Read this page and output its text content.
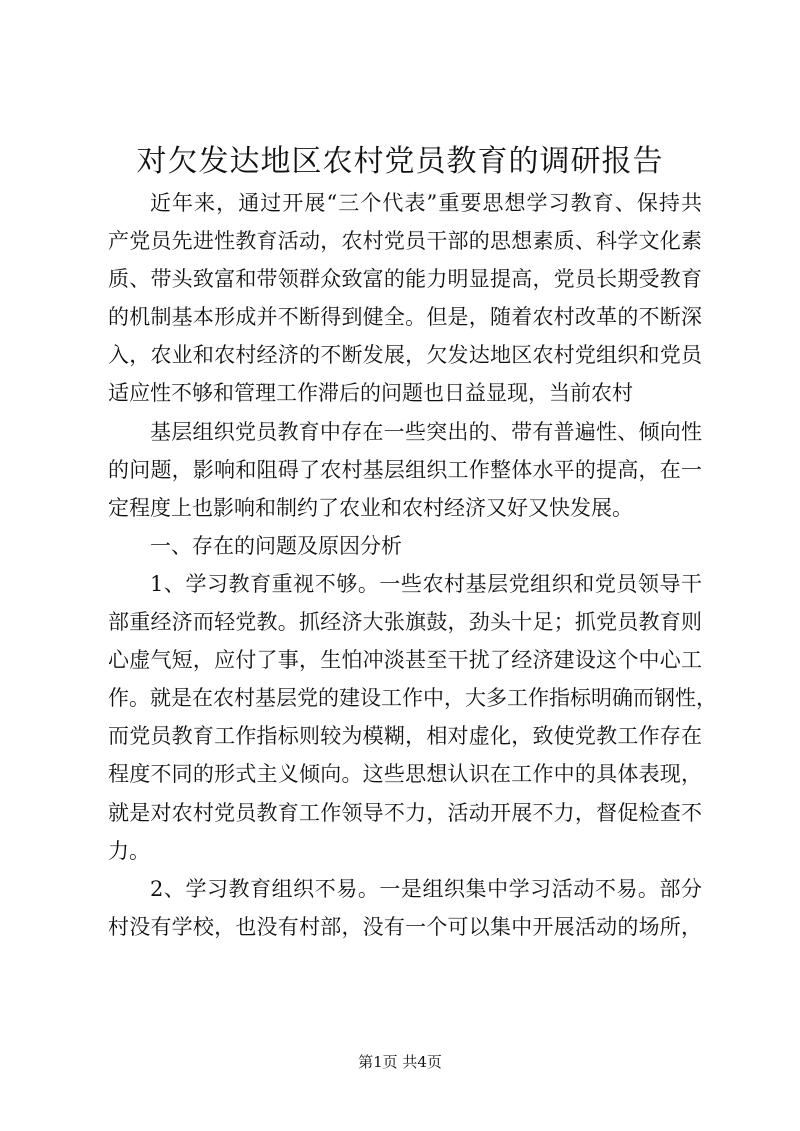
对欠发达地区农村党员教育的调研报告
近年来，通过开展“三个代表”重要思想学习教育、保持共
产党员先进性教育活动，农村党员干部的思想素质、科学文化素
质、带头致富和带领群众致富的能力明显提高，党员长期受教育
的机制基本形成并不断得到健全。但是，随着农村改革的不断深
入，农业和农村经济的不断发展，欠发达地区农村党组织和党员
适应性不够和管理工作滞后的问题也日益显现，当前农村
基层组织党员教育中存在一些突出的、带有普遍性、倾向性
的问题，影响和阻碍了农村基层组织工作整体水平的提高，在一
定程度上也影响和制约了农业和农村经济又好又快发展。
一、存在的问题及原因分析
1、学习教育重视不够。一些农村基层党组织和党员领导干
部重经济而轻党教。抓经济大张旗鼓，劲头十足；抓党员教育则
心虚气短，应付了事，生怕冲淡甚至干扰了经济建设这个中心工
作。就是在农村基层党的建设工作中，大多工作指标明确而钢性，
而党员教育工作指标则较为模糊，相对虚化，致使党教工作存在
程度不同的形式主义倾向。这些思想认识在工作中的具体表现，
就是对农村党员教育工作领导不力，活动开展不力，督促检查不
力。
2、学习教育组织不易。一是组织集中学习活动不易。部分
村没有学校，也没有村部，没有一个可以集中开展活动的场所，
第1页 共4页
